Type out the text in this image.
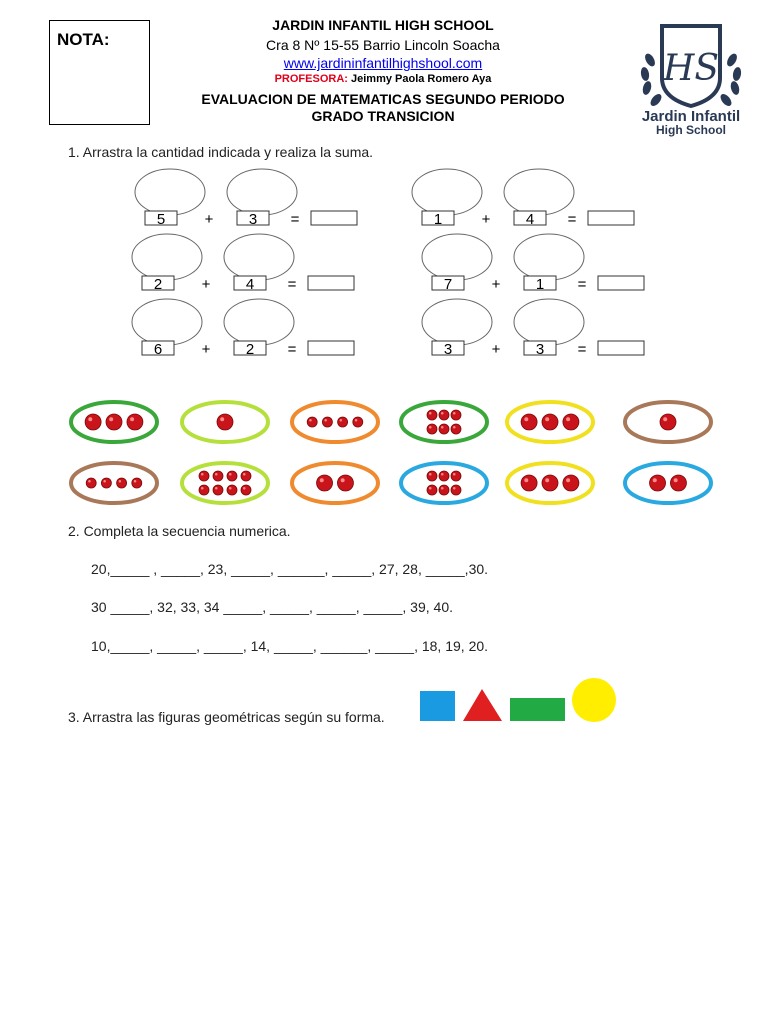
NOTA:
JARDIN INFANTIL HIGH SCHOOL
Cra 8 Nº 15-55 Barrio Lincoln Soacha
www.jardininfantilhighshool.com
PROFESORA: Jeimmy Paola Romero Aya
EVALUACION DE MATEMATICAS SEGUNDO PERIODO
GRADO TRANSICION
HS
Jardin Infantil
High School
1. Arrastra la cantidad indicada y realiza la suma.
2. Completa la secuencia numerica.
3. Arrastra las figuras geométricas según su forma.
20,_____ , _____, 23, _____, ______, _____, 27, 28, _____,30.
30 _____, 32, 33, 34 _____, _____, _____, _____, 39, 40.
10,_____, _____, _____, 14, _____, ______, _____, 18, 19, 20.
5	+ 3 =	1	+ 4 =
2	+ 4 =	7	+ 1 =
6	+ 2 =	3	+ 3 =
